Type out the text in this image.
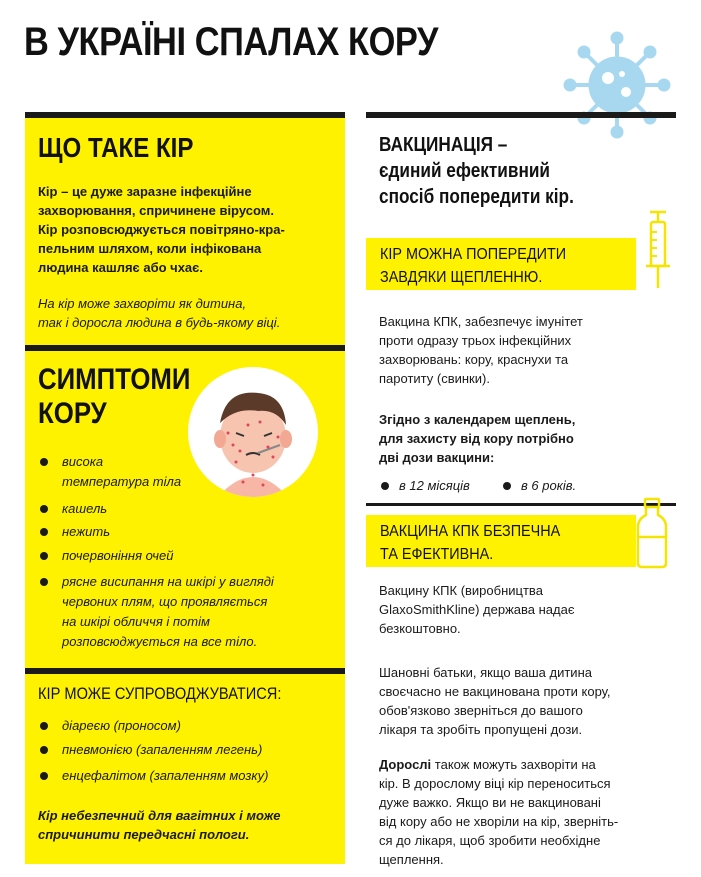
В УКРАЇНІ СПАЛАХ КОРУ
ЩО ТАКЕ КІР
Кір – це дуже заразне інфекційне
захворювання, спричинене вірусом.
Кір розповсюджується повітряно-кра-
пельним шляхом, коли інфікована
людина кашляє або чхає.
На кір може захворіти як дитина,
так і доросла людина в будь-якому віці.
СИМПТОМИ
КОРУ
висока
температура тіла
кашель
нежить
почервоніння очей
рясне висипання на шкірі у вигляді
червоних плям, що проявляється
на шкірі обличчя і потім
розповсюджується на все тіло.
КІР МОЖЕ СУПРОВОДЖУВАТИСЯ:
діареєю (проносом)
пневмонією (запаленням легень)
енцефалітом (запаленням мозку)
Кір небезпечний для вагітних і може
спричинити передчасні пологи.
ВАКЦИНАЦІЯ –
єдиний ефективний
спосіб попередити кір.
КІР МОЖНА ПОПЕРЕДИТИ
ЗАВДЯКИ ЩЕПЛЕННЮ.
Вакцина КПК, забезпечує імунітет
проти одразу трьох інфекційних
захворювань: кору, краснухи та
паротиту (свинки).
Згідно з календарем щеплень,
для захисту від кору потрібно
дві дози вакцини:
в 12 місяців	в 6 років.
ВАКЦИНА КПК БЕЗПЕЧНА
ТА ЕФЕКТИВНА.
Вакцину КПК (виробництва
GlaxoSmithKline) держава надає
безкоштовно.
Шановні батьки, якщо ваша дитина
своєчасно не вакцинована проти кору,
обов'язково зверніться до вашого
лікаря та зробіть пропущені дози.
Дорослі також можуть захворіти на
кір. В дорослому віці кір переноситься
дуже важко. Якщо ви не вакциновані
від кору або не хворіли на кір, зверніть-
ся до лікаря, щоб зробити необхідне
щеплення.
